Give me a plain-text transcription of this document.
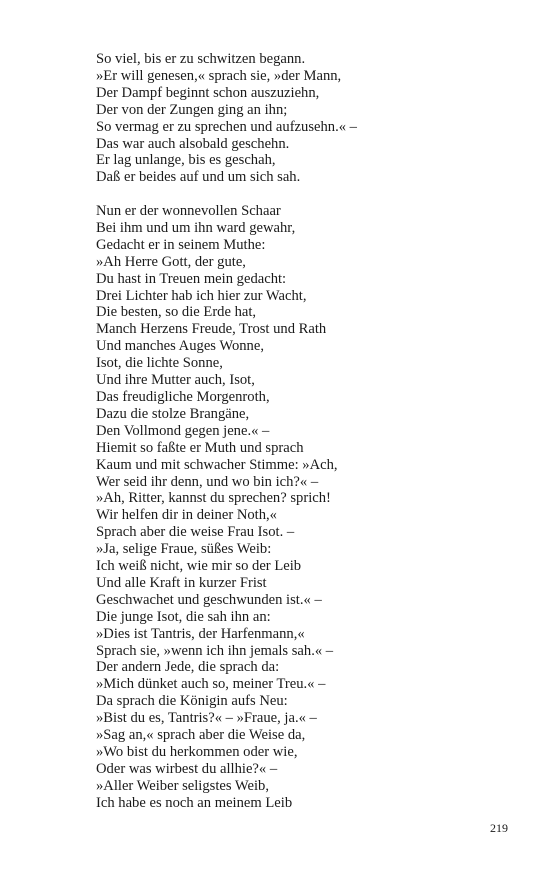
So viel, bis er zu schwitzen begann.
»Er will genesen,« sprach sie, »der Mann,
Der Dampf beginnt schon auszuziehn,
Der von der Zungen ging an ihn;
So vermag er zu sprechen und aufzusehn.« –
Das war auch alsobald geschehn.
Er lag unlange, bis es geschah,
Daß er beides auf und um sich sah.
Nun er der wonnevollen Schaar
Bei ihm und um ihn ward gewahr,
Gedacht er in seinem Muthe:
»Ah Herre Gott, der gute,
Du hast in Treuen mein gedacht:
Drei Lichter hab ich hier zur Wacht,
Die besten, so die Erde hat,
Manch Herzens Freude, Trost und Rath
Und manches Auges Wonne,
Isot, die lichte Sonne,
Und ihre Mutter auch, Isot,
Das freudigliche Morgenroth,
Dazu die stolze Brangäne,
Den Vollmond gegen jene.« –
Hiemit so faßte er Muth und sprach
Kaum und mit schwacher Stimme: »Ach,
Wer seid ihr denn, und wo bin ich?« –
»Ah, Ritter, kannst du sprechen? sprich!
Wir helfen dir in deiner Noth,«
Sprach aber die weise Frau Isot. –
»Ja, selige Fraue, süßes Weib:
Ich weiß nicht, wie mir so der Leib
Und alle Kraft in kurzer Frist
Geschwachet und geschwunden ist.« –
Die junge Isot, die sah ihn an:
»Dies ist Tantris, der Harfenmann,«
Sprach sie, »wenn ich ihn jemals sah.« –
Der andern Jede, die sprach da:
»Mich dünket auch so, meiner Treu.« –
Da sprach die Königin aufs Neu:
»Bist du es, Tantris?« – »Fraue, ja.« –
»Sag an,« sprach aber die Weise da,
»Wo bist du herkommen oder wie,
Oder was wirbest du allhie?« –
»Aller Weiber seligstes Weib,
Ich habe es noch an meinem Leib
219
